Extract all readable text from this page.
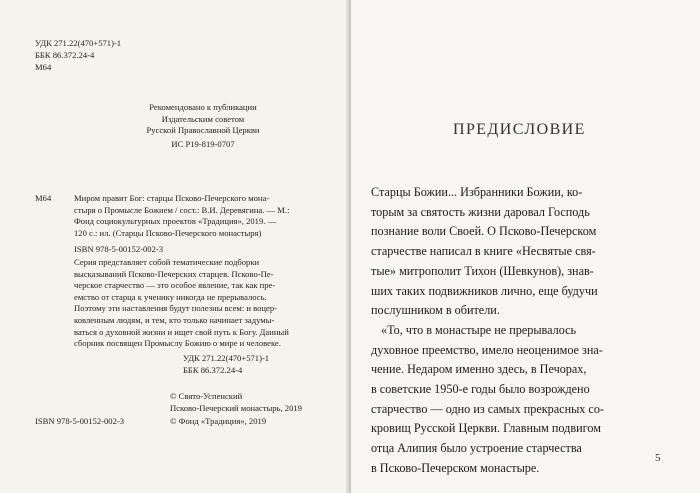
УДК 271.22(470+571)-1
ББК 86.372.24-4
М64
Рекомендовано к публикации
Издательским советом
Русской Православной Церкви
ИС Р19-819-0707
М64	Миром правит Бог: старцы Псково-Печерского мона-
стыря о Промысле Божием / сост.: В.И. Деревягина. — М.:
Фонд социокультурных проектов «Традиция», 2019. —
120 с.: ил. (Старцы Псково-Печерского монастыря)
ISBN 978-5-00152-002-3
Серия представляет собой тематические подборки
высказываний Псково-Печерских старцев. Псково-Пе-
черское старчество — это особое явление, так как пре-
емство от старца к ученику никогда не прерывалось.
Поэтому эти наставления будут полезны всем: и воцер-
ковленным людям, и тем, кто только начинает задумы-
ваться о духовной жизни и ищет свой путь к Богу. Данный
сборник посвящен Промыслу Божию о мире и человеке.
УДК 271.22(470+571)-1
ББК 86.372.24-4
© Свято-Успенский
Псково-Печерский монастырь, 2019
ISBN 978-5-00152-002-3	© Фонд «Традиция», 2019
ПРЕДИСЛОВИЕ
Старцы Божии... Избранники Божии, ко-
торым за святость жизни даровал Господь
познание воли Своей. О Псково-Печерском
старчестве написал в книге «Несвятые свя-
тые» митрополит Тихон (Шевкунов), знав-
ших таких подвижников лично, еще будучи
послушником в обители.
«То, что в монастыре не прерывалось
духовное преемство, имело неоценимое зна-
чение. Недаром именно здесь, в Печорах,
в советские 1950-е годы было возрождено
старчество — одно из самых прекрасных со-
кровищ Русской Церкви. Главным подвигом
отца Алипия было устроение старчества
в Псково-Печерском монастыре.
5
